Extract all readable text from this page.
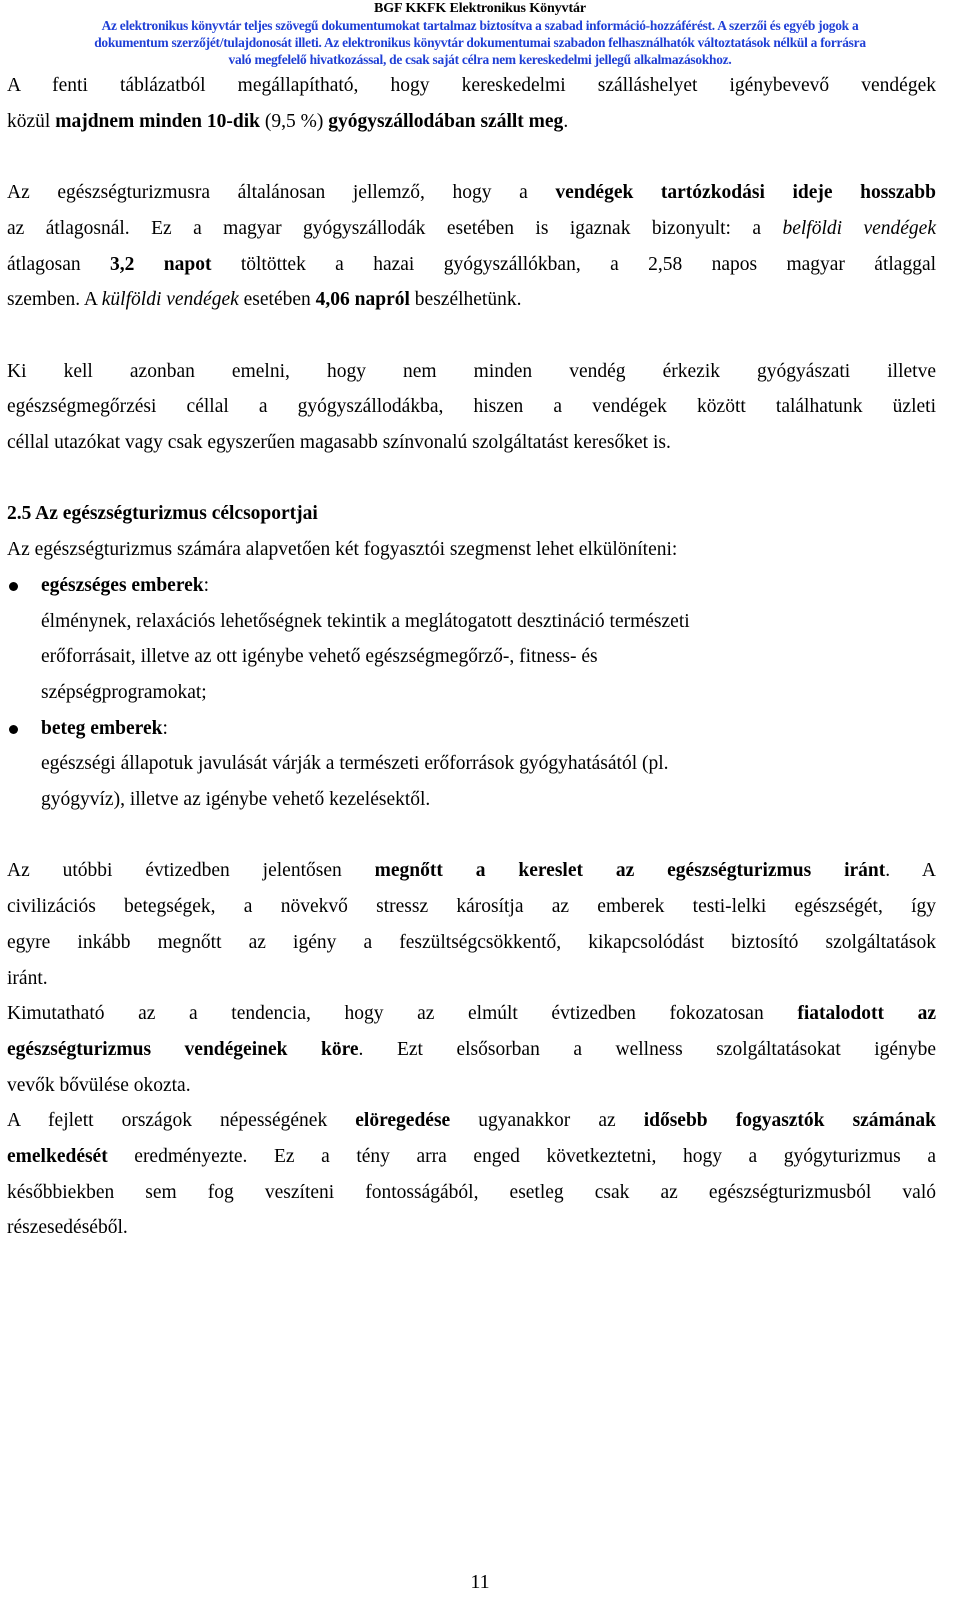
BGF KKFK Elektronikus Könyvtár
Az elektronikus könyvtár teljes szövegű dokumentumokat tartalmaz biztosítva a szabad információ-hozzáférést. A szerzői és egyéb jogok a
dokumentum szerzőjét/tulajdonosát illeti. Az elektronikus könyvtár dokumentumai szabadon felhasználhatók változtatások nélkül a forrásra
való megfelelő hivatkozással, de csak saját célra nem kereskedelmi jellegű alkalmazásokhoz.

A fenti táblázatból megállapítható, hogy kereskedelmi szálláshelyet igénybevevő vendégek

közül majdnem minden 10-dik (9,5 %) gyógyszállodában szállt meg.

Az egészségturizmusra általánosan jellemző, hogy a vendégek tartózkodási ideje hosszabb

az átlagosnál. Ez a magyar gyógyszállodák esetében is igaznak bizonyult: a belföldi vendégek

átlagosan 3,2 napot töltöttek a hazai gyógyszállókban, a 2,58 napos magyar átlaggal

szemben. A külföldi vendégek esetében 4,06 napról beszélhetünk.

Ki kell azonban emelni, hogy nem minden vendég érkezik gyógyászati illetve

egészségmegőrzési céllal a gyógyszállodákba, hiszen a vendégek között találhatunk üzleti

céllal utazókat vagy csak egyszerűen magasabb színvonalú szolgáltatást keresőket is.

2.5 Az egészségturizmus célcsoportjai

Az egészségturizmus számára alapvetően két fogyasztói szegmenst lehet elkülöníteni:

egészséges emberek:

élménynek, relaxációs lehetőségnek tekintik a meglátogatott desztináció természeti

erőforrásait, illetve az ott igénybe vehető egészségmegőrző-, fitness- és

szépségprogramokat;

beteg emberek:

egészségi állapotuk javulását várják a természeti erőforrások gyógyhatásától (pl.

gyógyvíz), illetve az igénybe vehető kezelésektől.

Az utóbbi évtizedben jelentősen megnőtt a kereslet az egészségturizmus iránt. A

civilizációs betegségek, a növekvő stressz károsítja az emberek testi-lelki egészségét, így

egyre inkább megnőtt az igény a feszültségcsökkentő, kikapcsolódást biztosító szolgáltatások

iránt.

Kimutatható az a tendencia, hogy az elmúlt évtizedben fokozatosan fiatalodott az

egészségturizmus vendégeinek köre. Ezt elsősorban a wellness szolgáltatásokat igénybe

vevők bővülése okozta.

A fejlett országok népességének elöregedése ugyanakkor az idősebb fogyasztók számának

emelkedését eredményezte. Ez a tény arra enged következtetni, hogy a gyógyturizmus a

későbbiekben sem fog veszíteni fontosságából, esetleg csak az egészségturizmusból való

részesedéséből.

11
